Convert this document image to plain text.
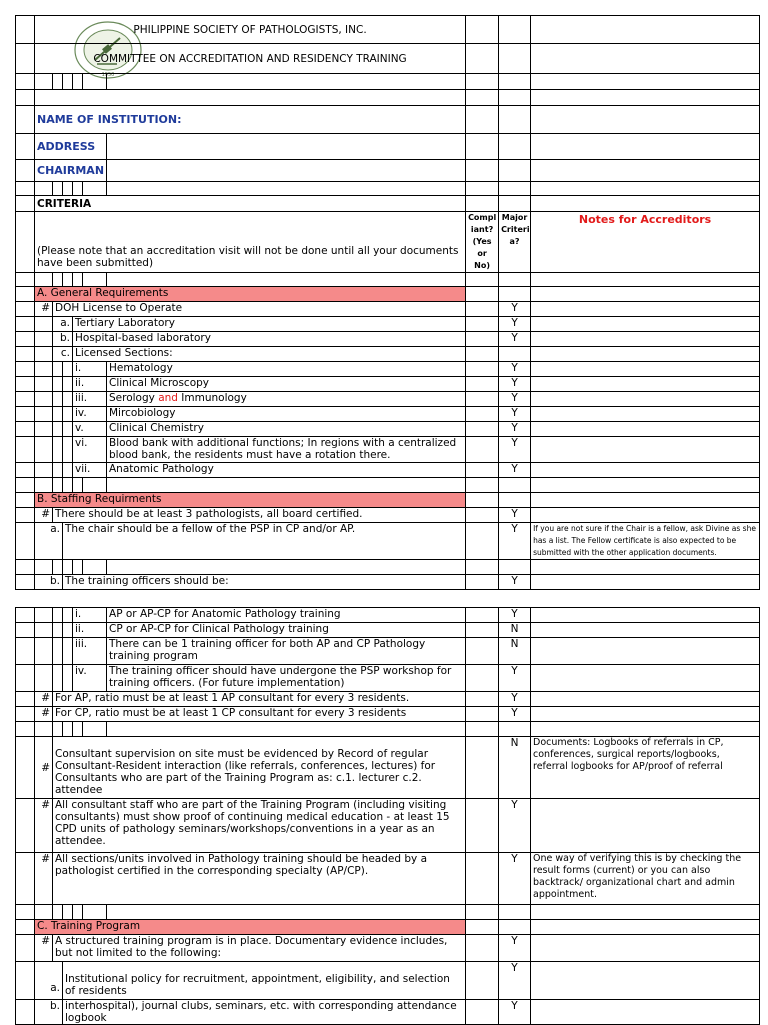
1950
	PHILIPPINE SOCIETY OF PATHOLOGISTS, INC.								
	COMMITTEE ON ACCREDITATION AND RESIDENCY TRAINING								

	NAME OF INSTITUTION:								
	ADDRESS								
	CHAIRMAN								

	CRITERIA								
	(Please note that an accreditation visit will not be done until all your documents have been submitted)						Compl iant? (Yes or No)	Major Criteri a?	Notes for Accreditors

	A. General Requirements								
	#	DOH License to Operate						Y	
		a.		Tertiary Laboratory				Y	
		b.		Hospital-based laboratory				Y	
		c.		Licensed Sections:					
				i.		Hematology		Y	
				ii.		Clinical Microscopy		Y	
				iii.		Serology and Immunology		Y	
				iv.		Mircobiology		Y	
				v.		Clinical Chemistry		Y	
				vi.		Blood bank with additional functions; In regions with a centralized blood bank, the residents must have a rotation there.		Y	
				vii.		Anatomic Pathology		Y	

	B. Staffing Requirments								
	#	There should be at least 3 pathologists, all board certified.						Y	
	a.		The chair should be a fellow of the PSP in CP and/or AP.					Y	If you are not sure if the Chair is a fellow, ask Divine as she has a list. The Fellow certificate is also expected to be submitted with the other application documents.

	b.		The training officers should be:					Y	
				i.		AP or AP-CP for Anatomic Pathology training		Y	
				ii.		CP or AP-CP for Clinical Pathology training		N	
				iii.		There can be 1 training officer for both AP and CP Pathology training program		N	
				iv.		The training officer should have undergone the PSP workshop for training officers. (For future implementation)		Y	
	#	For AP, ratio must be at least 1 AP consultant for every 3 residents.						Y	
	#	For CP, ratio must be at least 1 CP consultant for every 3 residents						Y	

	#	Consultant supervision on site must be evidenced by Record of regular Consultant-Resident interaction (like referrals, conferences, lectures) for Consultants who are part of the Training Program as: c.1. lecturer c.2. attendee						N	Documents: Logbooks of referrals in CP, conferences, surgical reports/logbooks, referral logbooks for AP/proof of referral
	#	All consultant staff who are part of the Training Program (including visiting consultants) must show proof of continuing medical education - at least 15 CPD units of pathology seminars/workshops/conventions in a year as an attendee.						Y	
	#	All sections/units involved in Pathology training should be headed by a pathologist certified in the corresponding specialty (AP/CP).						Y	One way of verifying this is by checking the result forms (current) or you can also backtrack/ organizational chart and admin appointment.

	C. Training Program								
	#	A structured training program is in place. Documentary evidence includes, but not limited to the following:						Y	
	a.		Institutional policy for recruitment, appointment, eligibility, and selection of residents					Y	
	b.		interhospital), journal clubs, seminars, etc. with corresponding attendance logbook					Y	
